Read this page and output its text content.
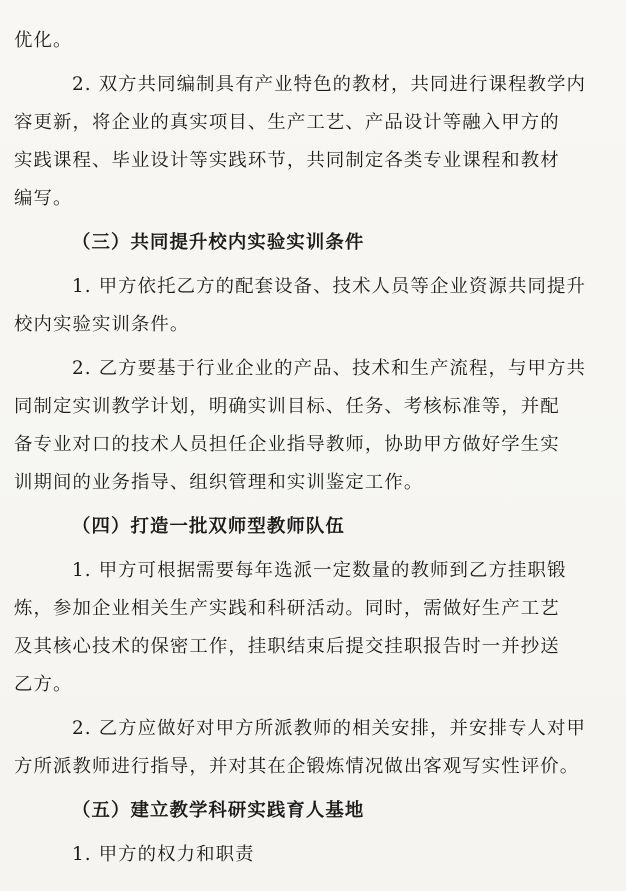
优化。

2. 双方共同编制具有产业特色的教材，共同进行课程教学内

容更新，将企业的真实项目、生产工艺、产品设计等融入甲方的

实践课程、毕业设计等实践环节，共同制定各类专业课程和教材

编写。

（三）共同提升校内实验实训条件

1. 甲方依托乙方的配套设备、技术人员等企业资源共同提升

校内实验实训条件。

2. 乙方要基于行业企业的产品、技术和生产流程，与甲方共

同制定实训教学计划，明确实训目标、任务、考核标准等，并配

备专业对口的技术人员担任企业指导教师，协助甲方做好学生实

训期间的业务指导、组织管理和实训鉴定工作。

（四）打造一批双师型教师队伍

1. 甲方可根据需要每年选派一定数量的教师到乙方挂职锻

炼，参加企业相关生产实践和科研活动。同时，需做好生产工艺

及其核心技术的保密工作，挂职结束后提交挂职报告时一并抄送

乙方。

2. 乙方应做好对甲方所派教师的相关安排，并安排专人对甲

方所派教师进行指导，并对其在企锻炼情况做出客观写实性评价。

（五）建立教学科研实践育人基地

1. 甲方的权力和职责
